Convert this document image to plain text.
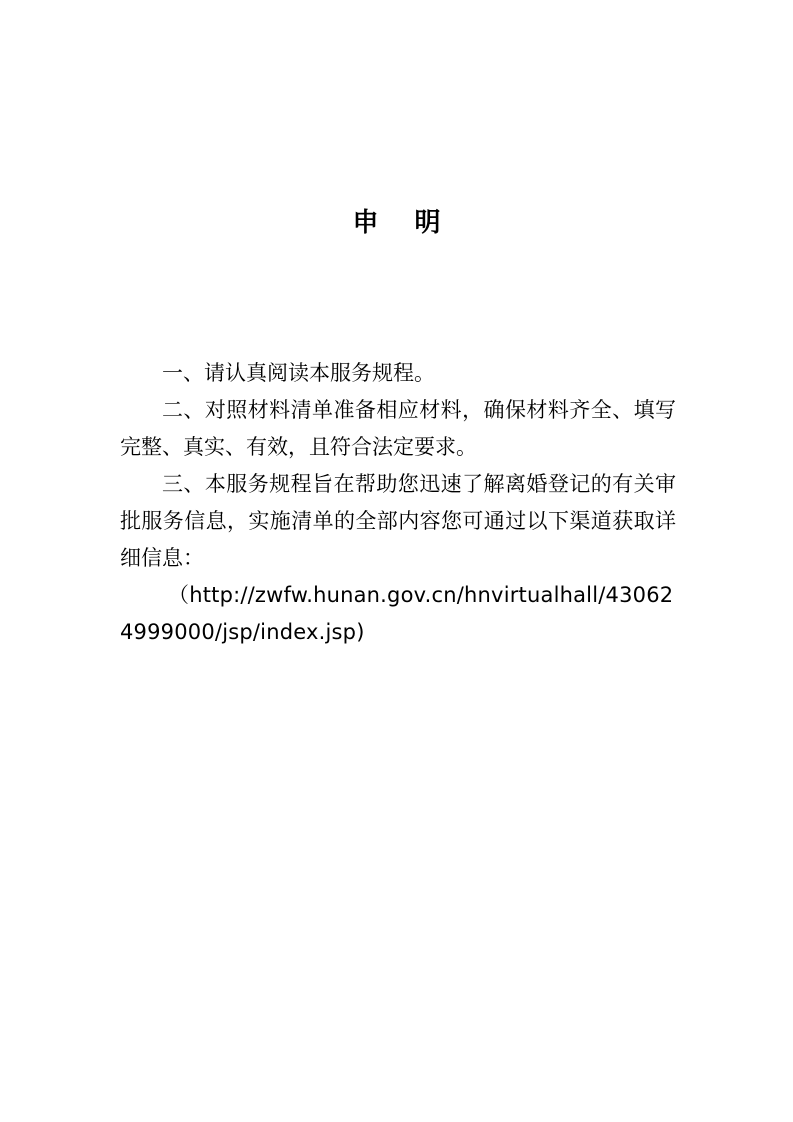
申 明

一、请认真阅读本服务规程。

二、对照材料清单准备相应材料，确保材料齐全、填写完整、真实、有效，且符合法定要求。

三、本服务规程旨在帮助您迅速了解离婚登记的有关审批服务信息，实施清单的全部内容您可通过以下渠道获取详细信息：

（http://zwfw.hunan.gov.cn/hnvirtualhall/430624999000/jsp/index.jsp)
